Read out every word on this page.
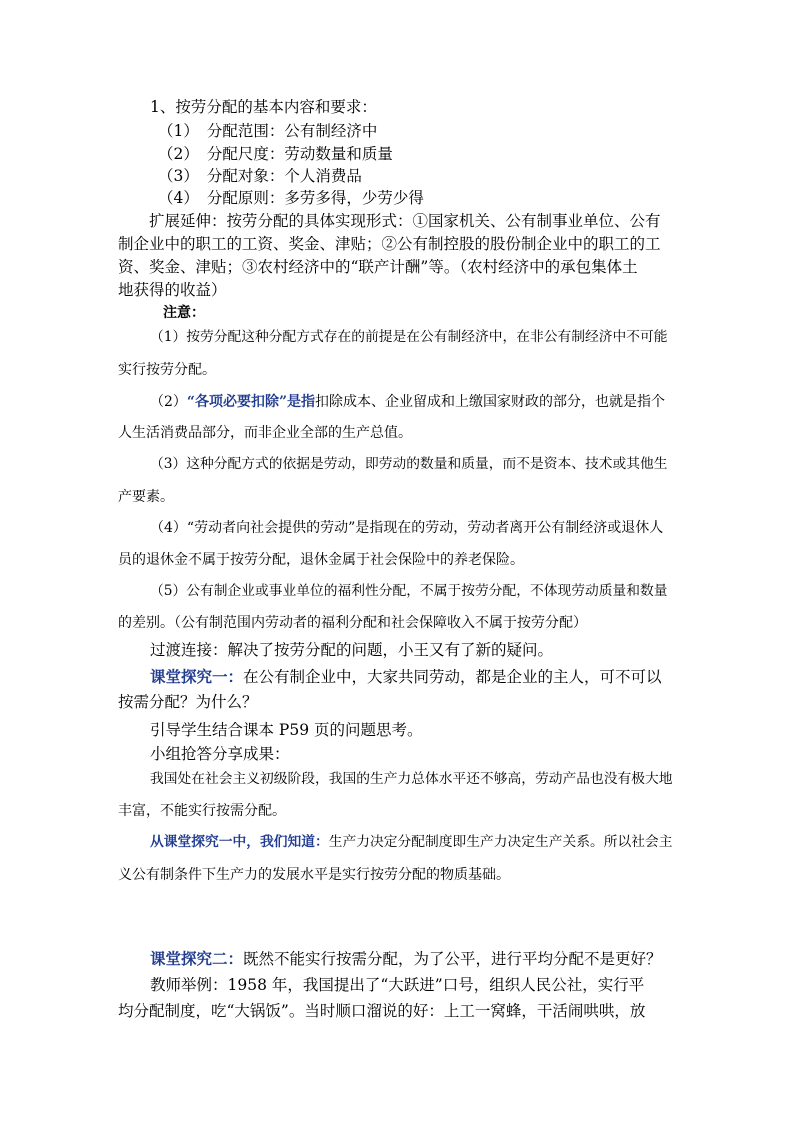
1、按劳分配的基本内容和要求：
（1） 分配范围：公有制经济中
（2） 分配尺度：劳动数量和质量
（3） 分配对象：个人消费品
（4） 分配原则：多劳多得，少劳少得
扩展延伸：按劳分配的具体实现形式：①国家机关、公有制事业单位、公有
制企业中的职工的工资、奖金、津贴；②公有制控股的股份制企业中的职工的工
资、奖金、津贴；③农村经济中的“联产计酬”等。（农村经济中的承包集体土
地获得的收益）
注意：
（1）按劳分配这种分配方式存在的前提是在公有制经济中，在非公有制经济中不可能
实行按劳分配。
（2）“各项必要扣除”是指扣除成本、企业留成和上缴国家财政的部分，也就是指个
人生活消费品部分，而非企业全部的生产总值。
（3）这种分配方式的依据是劳动，即劳动的数量和质量，而不是资本、技术或其他生
产要素。
（4）“劳动者向社会提供的劳动”是指现在的劳动，劳动者离开公有制经济或退休人
员的退休金不属于按劳分配，退休金属于社会保险中的养老保险。
（5）公有制企业或事业单位的福利性分配，不属于按劳分配，不体现劳动质量和数量
的差别。（公有制范围内劳动者的福利分配和社会保障收入不属于按劳分配）
过渡连接：解决了按劳分配的问题，小王又有了新的疑问。
课堂探究一：在公有制企业中，大家共同劳动，都是企业的主人，可不可以
按需分配？为什么？
引导学生结合课本 P59 页的问题思考。
小组抢答分享成果：
我国处在社会主义初级阶段，我国的生产力总体水平还不够高，劳动产品也没有极大地
丰富，不能实行按需分配。
从课堂探究一中，我们知道：生产力决定分配制度即生产力决定生产关系。所以社会主
义公有制条件下生产力的发展水平是实行按劳分配的物质基础。
课堂探究二：既然不能实行按需分配，为了公平，进行平均分配不是更好？
教师举例：1958 年，我国提出了“大跃进”口号，组织人民公社，实行平
均分配制度，吃“大锅饭”。当时顺口溜说的好：上工一窝蜂，干活闹哄哄，放
